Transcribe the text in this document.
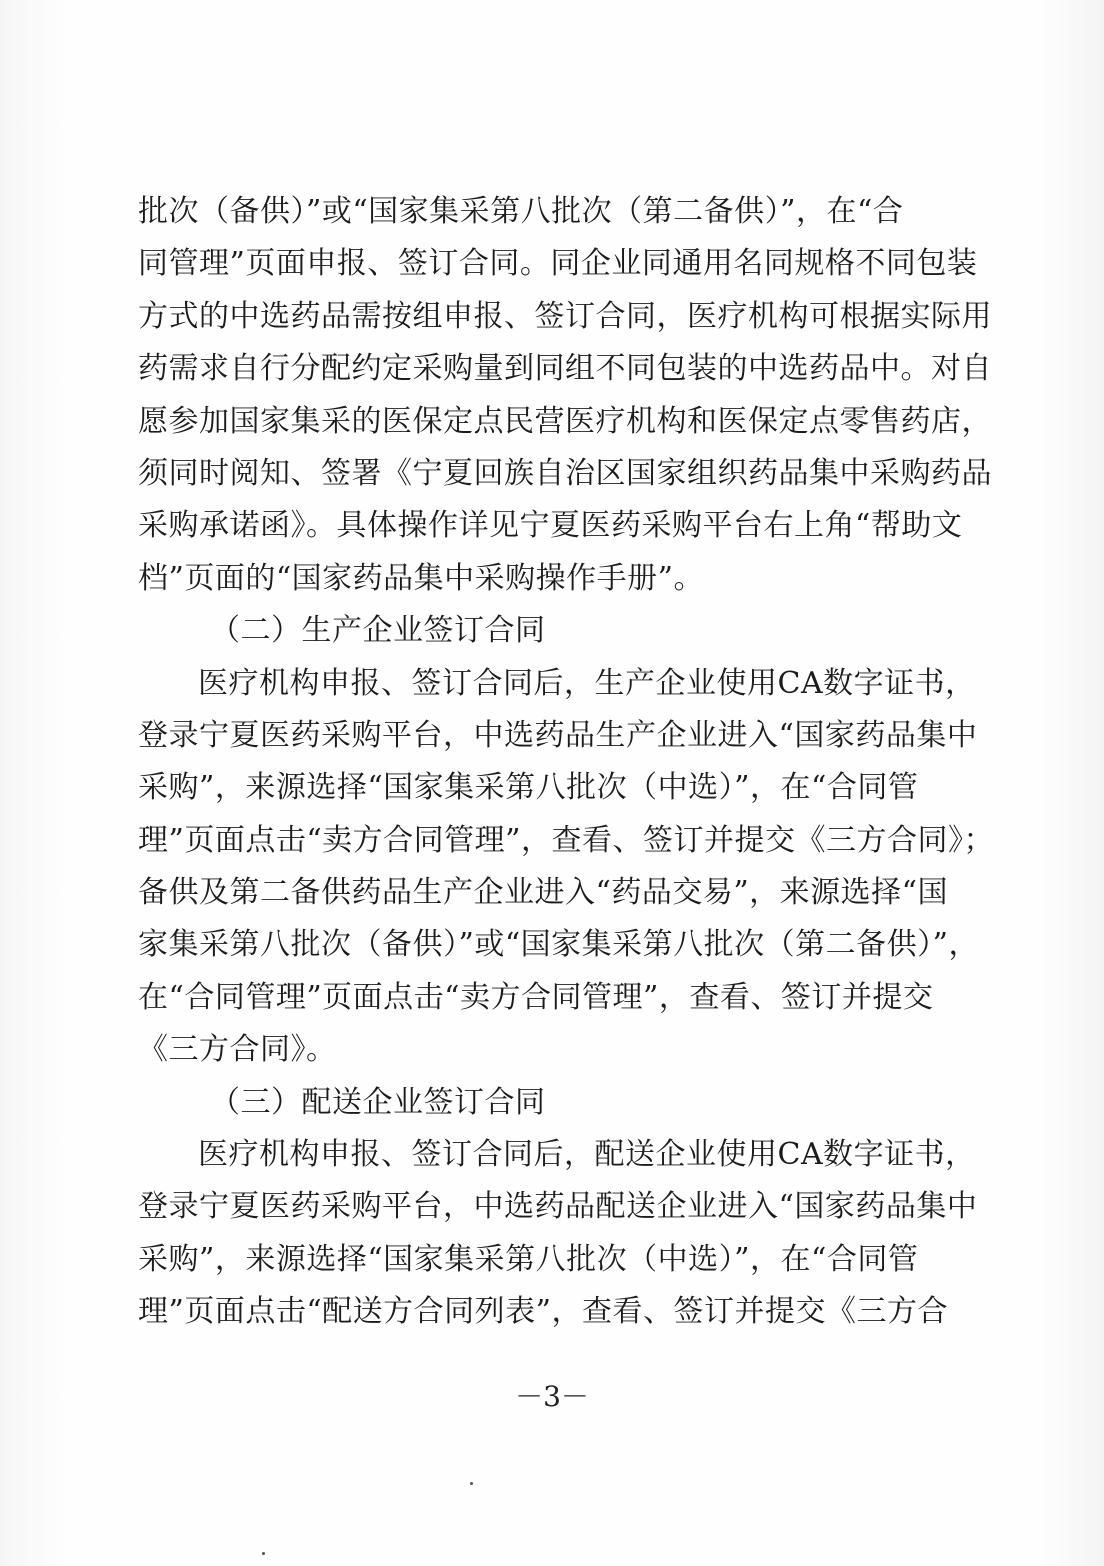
批次（备供）”或“国家集采第八批次（第二备供）”，在“合
同管理”页面申报、签订合同。同企业同通用名同规格不同包装
方式的中选药品需按组申报、签订合同，医疗机构可根据实际用
药需求自行分配约定采购量到同组不同包装的中选药品中。对自
愿参加国家集采的医保定点民营医疗机构和医保定点零售药店，
须同时阅知、签署《宁夏回族自治区国家组织药品集中采购药品
采购承诺函》。具体操作详见宁夏医药采购平台右上角“帮助文
档”页面的“国家药品集中采购操作手册”。
（二）生产企业签订合同
医疗机构申报、签订合同后，生产企业使用CA数字证书，
登录宁夏医药采购平台，中选药品生产企业进入“国家药品集中
采购”，来源选择“国家集采第八批次（中选）”，在“合同管
理”页面点击“卖方合同管理”，查看、签订并提交《三方合同》；
备供及第二备供药品生产企业进入“药品交易”，来源选择“国
家集采第八批次（备供）”或“国家集采第八批次（第二备供）”，
在“合同管理”页面点击“卖方合同管理”，查看、签订并提交
《三方合同》。
（三）配送企业签订合同
医疗机构申报、签订合同后，配送企业使用CA数字证书，
登录宁夏医药采购平台，中选药品配送企业进入“国家药品集中
采购”，来源选择“国家集采第八批次（中选）”，在“合同管
理”页面点击“配送方合同列表”，查看、签订并提交《三方合
－3－
